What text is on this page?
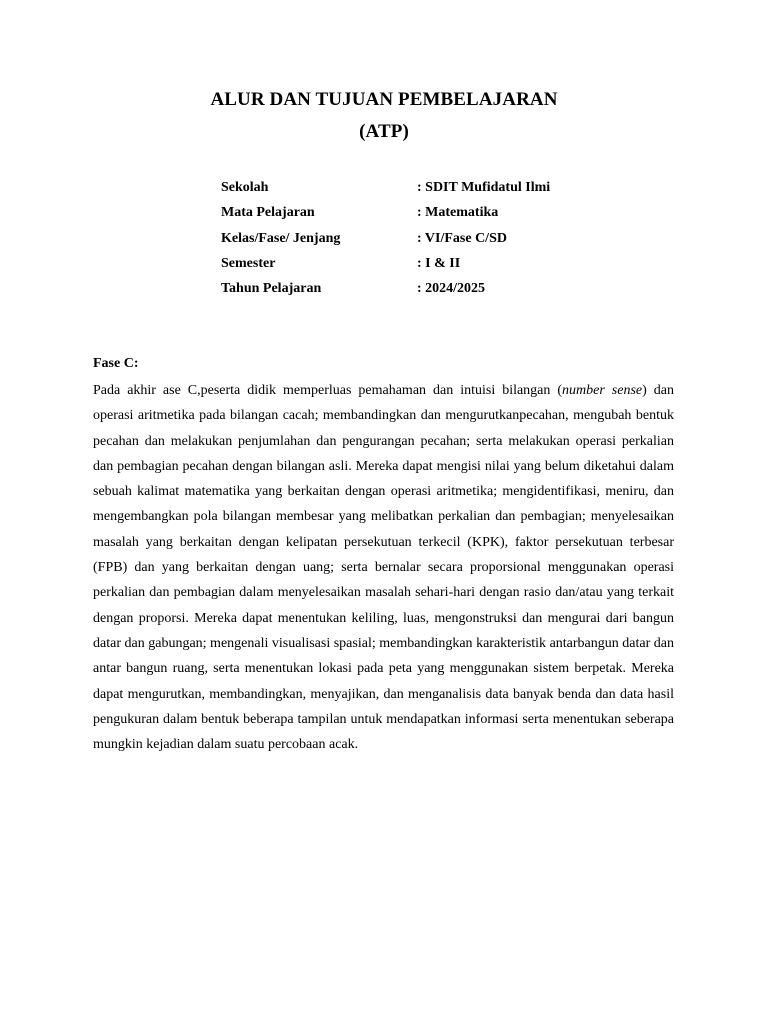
ALUR DAN TUJUAN PEMBELAJARAN
(ATP)
Sekolah	: SDIT Mufidatul Ilmi
Mata Pelajaran	: Matematika
Kelas/Fase/ Jenjang	: VI/Fase C/SD
Semester	: I & II
Tahun Pelajaran	: 2024/2025
Fase C:
Pada akhir ase C,peserta didik memperluas pemahaman dan intuisi bilangan (number sense) dan operasi aritmetika pada bilangan cacah; membandingkan dan mengurutkanpecahan, mengubah bentuk pecahan dan melakukan penjumlahan dan pengurangan pecahan; serta melakukan operasi perkalian dan pembagian pecahan dengan bilangan asli. Mereka dapat mengisi nilai yang belum diketahui dalam sebuah kalimat matematika yang berkaitan dengan operasi aritmetika; mengidentifikasi, meniru, dan mengembangkan pola bilangan membesar yang melibatkan perkalian dan pembagian; menyelesaikan masalah yang berkaitan dengan kelipatan persekutuan terkecil (KPK), faktor persekutuan terbesar (FPB) dan yang berkaitan dengan uang; serta bernalar secara proporsional menggunakan operasi perkalian dan pembagian dalam menyelesaikan masalah sehari-hari dengan rasio dan/atau yang terkait dengan proporsi. Mereka dapat menentukan keliling, luas, mengonstruksi dan mengurai dari bangun datar dan gabungan; mengenali visualisasi spasial; membandingkan karakteristik antarbangun datar dan antar bangun ruang, serta menentukan lokasi pada peta yang menggunakan sistem berpetak. Mereka dapat mengurutkan, membandingkan, menyajikan, dan menganalisis data banyak benda dan data hasil pengukuran dalam bentuk beberapa tampilan untuk mendapatkan informasi serta menentukan seberapa mungkin kejadian dalam suatu percobaan acak.
